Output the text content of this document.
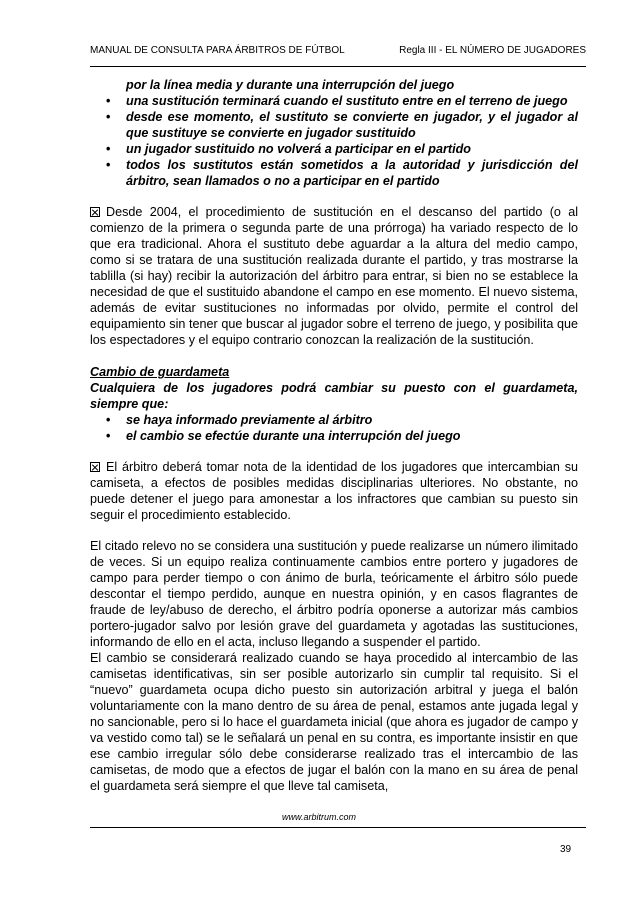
MANUAL DE CONSULTA PARA ÁRBITROS DE FÚTBOL	Regla III - EL NÚMERO DE JUGADORES

por la línea media y durante una interrupción del juego

• una sustitución terminará cuando el sustituto entre en el terreno de juego
• desde ese momento, el sustituto se convierte en jugador, y el jugador al que sustituye se convierte en jugador sustituido
• un jugador sustituido no volverá a participar en el partido
• todos los sustitutos están sometidos a la autoridad y jurisdicción del árbitro, sean llamados o no a participar en el partido

Desde 2004, el procedimiento de sustitución en el descanso del partido (o al comienzo de la primera o segunda parte de una prórroga) ha variado respecto de lo que era tradicional. Ahora el sustituto debe aguardar a la altura del medio campo, como si se tratara de una sustitución realizada durante el partido, y tras mostrarse la tablilla (si hay) recibir la autorización del árbitro para entrar, si bien no se establece la necesidad de que el sustituido abandone el campo en ese momento. El nuevo sistema, además de evitar sustituciones no informadas por olvido, permite el control del equipamiento sin tener que buscar al jugador sobre el terreno de juego, y posibilita que los espectadores y el equipo contrario conozcan la realización de la sustitución.

Cambio de guardameta

Cualquiera de los jugadores podrá cambiar su puesto con el guardameta, siempre que:

• se haya informado previamente al árbitro
• el cambio se efectúe durante una interrupción del juego

El árbitro deberá tomar nota de la identidad de los jugadores que intercambian su camiseta, a efectos de posibles medidas disciplinarias ulteriores. No obstante, no puede detener el juego para amonestar a los infractores que cambian su puesto sin seguir el procedimiento establecido.

El citado relevo no se considera una sustitución y puede realizarse un número ilimitado de veces. Si un equipo realiza continuamente cambios entre portero y jugadores de campo para perder tiempo o con ánimo de burla, teóricamente el árbitro sólo puede descontar el tiempo perdido, aunque en nuestra opinión, y en casos flagrantes de fraude de ley/abuso de derecho, el árbitro podría oponerse a autorizar más cambios portero-jugador salvo por lesión grave del guardameta y agotadas las sustituciones, informando de ello en el acta, incluso llegando a suspender el partido.

El cambio se considerará realizado cuando se haya procedido al intercambio de las camisetas identificativas, sin ser posible autorizarlo sin cumplir tal requisito. Si el “nuevo” guardameta ocupa dicho puesto sin autorización arbitral y juega el balón voluntariamente con la mano dentro de su área de penal, estamos ante jugada legal y no sancionable, pero si lo hace el guardameta inicial (que ahora es jugador de campo y va vestido como tal) se le señalará un penal en su contra, es importante insistir en que ese cambio irregular sólo debe considerarse realizado tras el intercambio de las camisetas, de modo que a efectos de jugar el balón con la mano en su área de penal el guardameta será siempre el que lleve tal camiseta,

www.arbitrum.com
39
